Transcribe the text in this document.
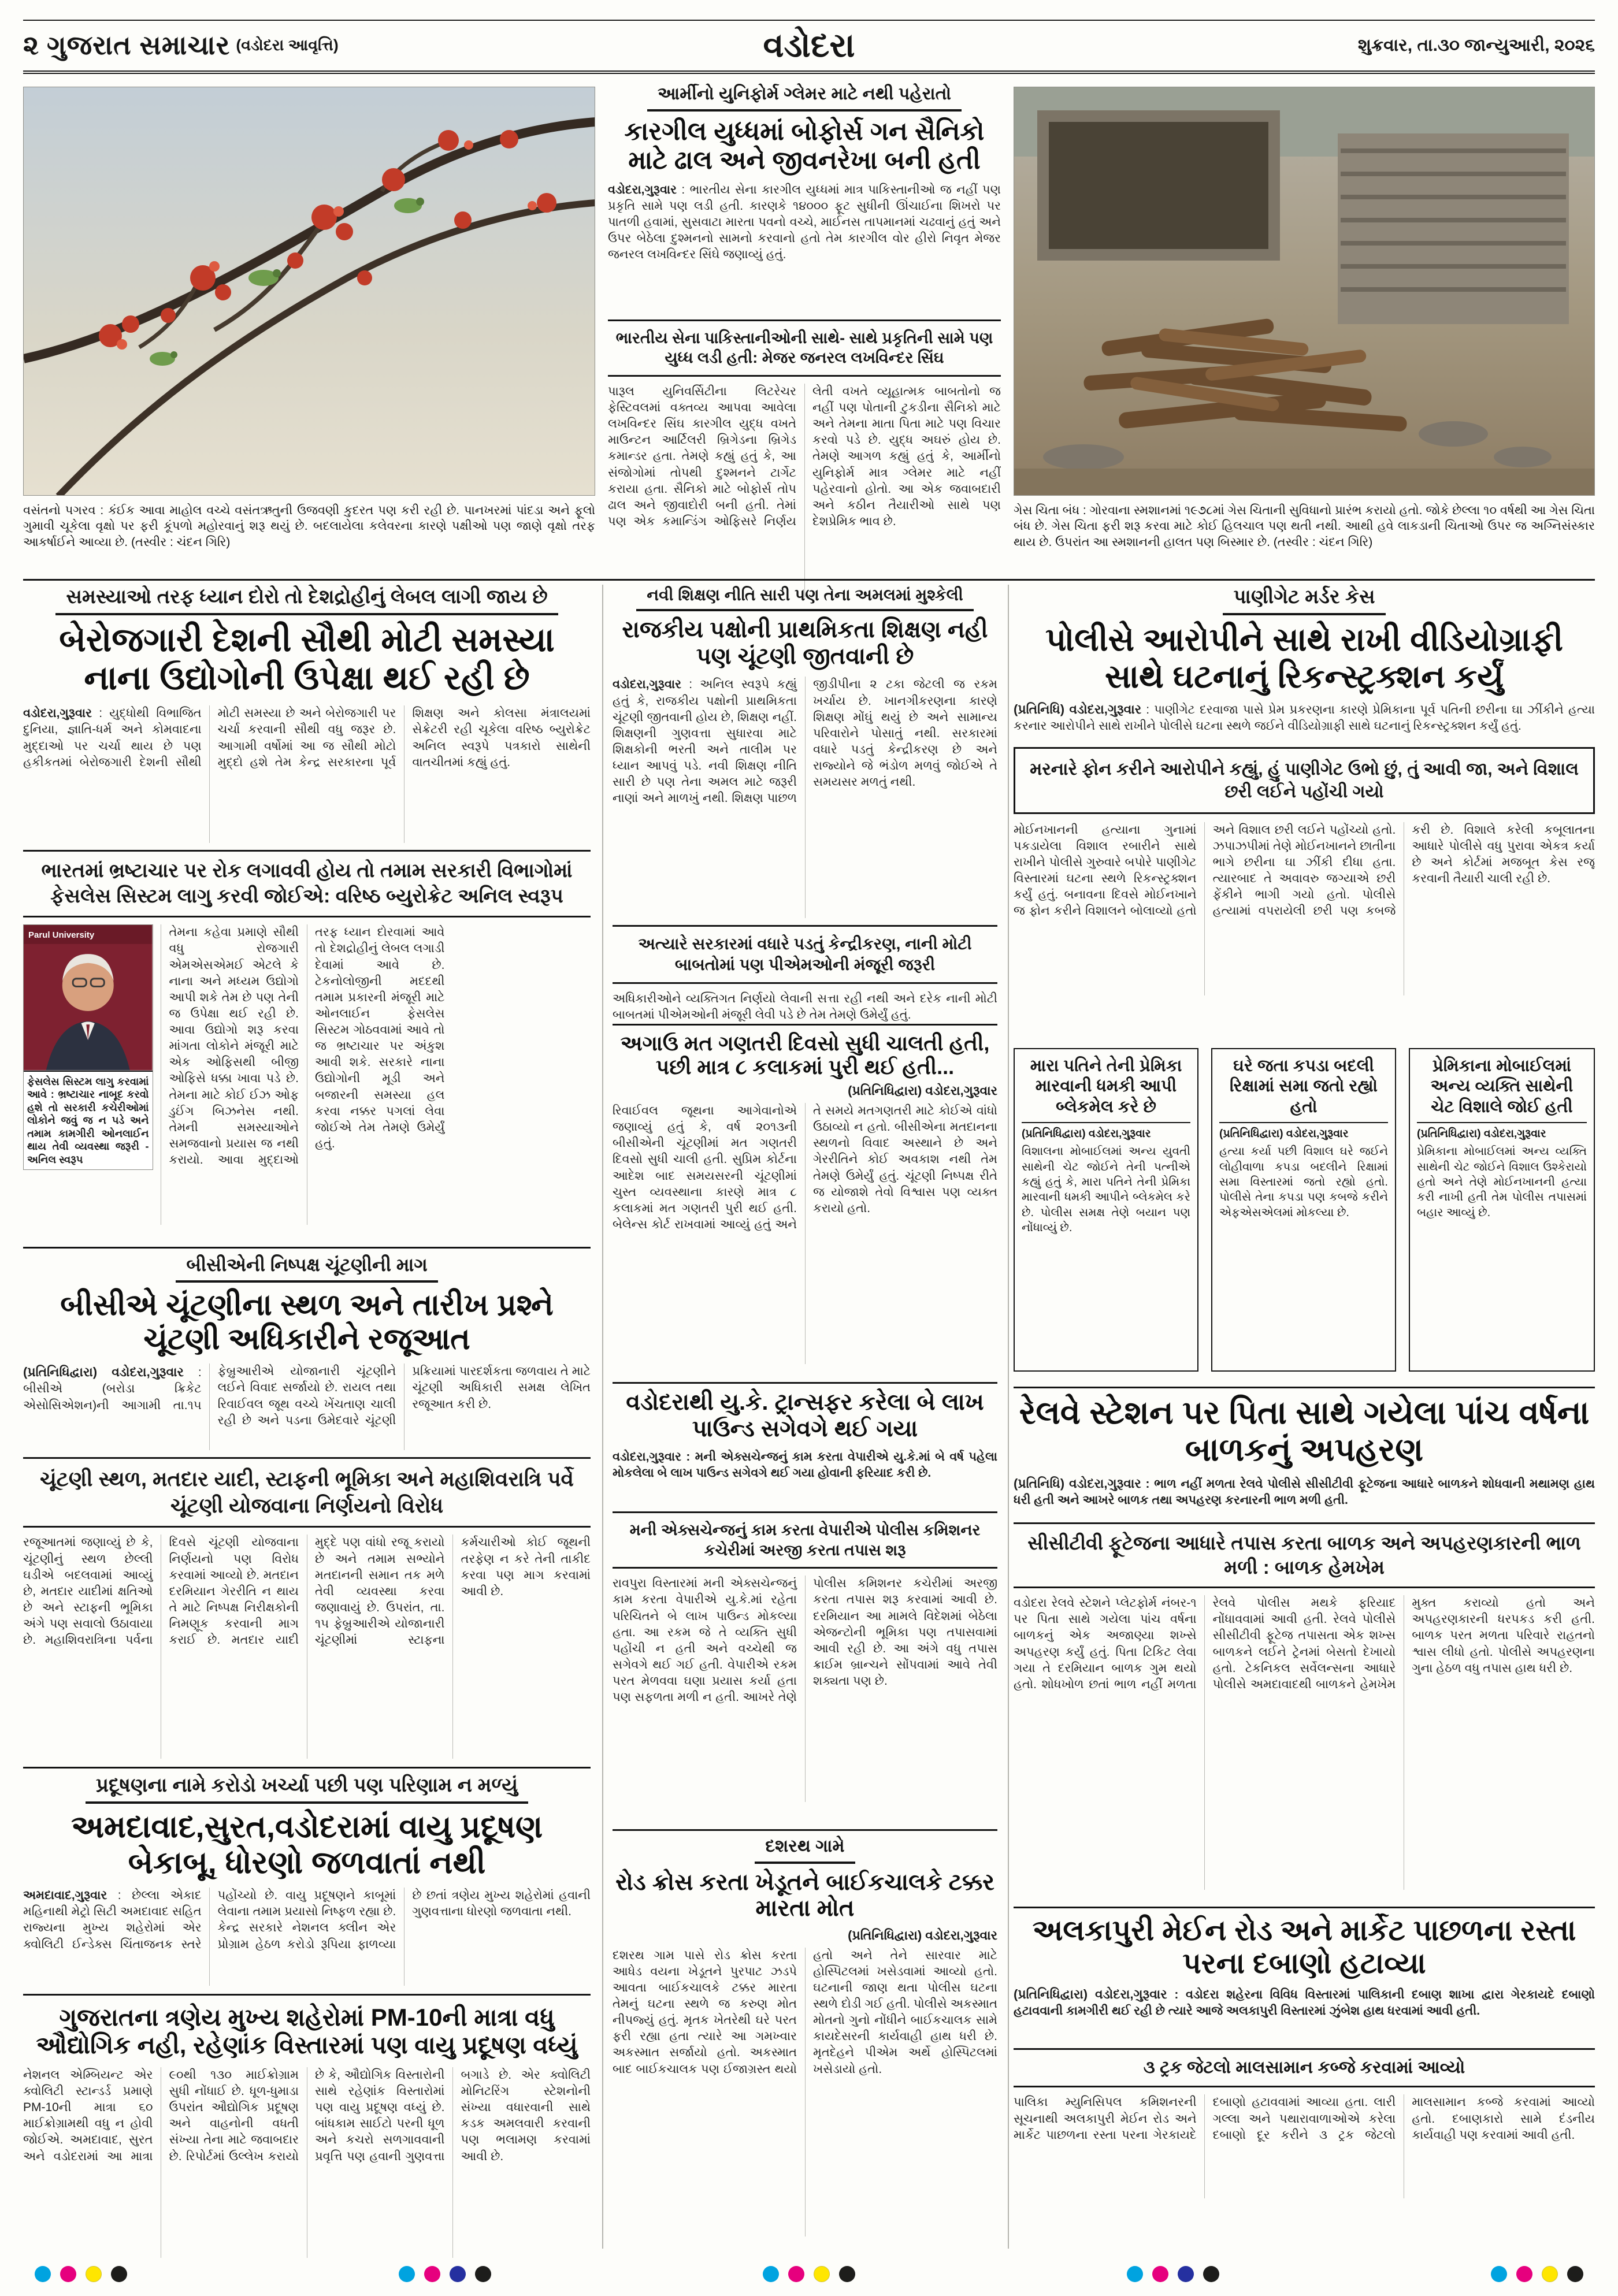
૨ ગુજરાત સમાચાર (વડોદરા આવૃત્તિ)	વડોદરા	શુક્રવાર, તા.૩૦ જાન્યુઆરી, ૨૦૨૬

વસંતનો પગરવ : કંઈક આવા માહોલ વચ્ચે વસંતઋતુની ઉજવણી કુદરત પણ કરી રહી છે. પાનખરમાં પાંદડા અને ફૂલો ગુમાવી ચૂકેલા વૃક્ષો પર ફરી કૂંપળો મહોરવાનું શરૂ થયું છે. બદલાયેલા કલેવરના કારણે પક્ષીઓ પણ જાણે વૃક્ષો તરફ આકર્ષાઈને આવ્યા છે. (તસ્વીર : ચંદન ગિરિ)

આર્મીનો યુનિફોર્મ ગ્લેમર માટે નથી પહેરાતો
કારગીલ યુધ્ધમાં બોફોર્સ ગન સૈનિકો માટે ઢાલ અને જીવનરેખા બની હતી

વડોદરા,ગુરૂવાર : ભારતીય સેના કારગીલ યુધ્ધમાં માત્ર પાકિસ્તાનીઓ જ નહીં પણ પ્રકૃતિ સામે પણ લડી હતી. કારણકે ૧૪૦૦૦ ફૂટ સુધીની ઊંચાઈના શિખરો પર પાતળી હવામાં, સુસવાટા મારતા પવનો વચ્ચે, માઈનસ તાપમાનમાં ચઢવાનું હતું અને ઉપર બેઠેલા દુશ્મનનો સામનો કરવાનો હતો તેમ કારગીલ વોર હીરો નિવૃત મેજર જનરલ લખવિન્દર સિંઘે જણાવ્યું હતું.

ભારતીય સેના પાકિસ્તાનીઓની સાથે- સાથે પ્રકૃતિની સામે પણ યુધ્ધ લડી હતી: મેજર જનરલ લખવિન્દર સિંઘ
પારૂલ યુનિવર્સિટીના લિટરેચર ફેસ્ટિવલમાં વક્તવ્ય આપવા આવેલા લખવિન્દર સિંઘ કારગીલ યુદ્ધ વખતે માઉન્ટન આર્ટિલરી બ્રિગેડના બ્રિગેડ કમાન્ડર હતા. તેમણે કહ્યું હતું કે, આ સંજોગોમાં તોપથી દુશ્મનને ટાર્ગેટ કરાયા હતા. સૈનિકો માટે બોફોર્સ તોપ ઢાલ અને જીવાદોરી બની હતી. તેમાં પણ એક કમાન્ડિંગ ઓફિસરે નિર્ણય લેતી વખતે વ્યૂહાત્મક બાબતોનો જ નહીં પણ પોતાની ટુકડીના સૈનિકો માટે અને તેમના માતા પિતા માટે પણ વિચાર કરવો પડે છે. યુદ્ધ અઘરું હોય છે. તેમણે આગળ કહ્યું હતું કે, આર્મીનો યુનિફોર્મ માત્ર ગ્લેમર માટે નહીં પહેરવાનો હોતો. આ એક જવાબદારી અને કઠીન તૈયારીઓ સાથે પણ દેશપ્રેમિક ભાવ છે.

ગેસ ચિતા બંધ : ગોરવાના સ્મશાનમાં ૧૯૭૮માં ગેસ ચિતાની સુવિધાનો પ્રારંભ કરાયો હતો. જોકે છેલ્લા ૧૦ વર્ષથી આ ગેસ ચિતા બંધ છે. ગેસ ચિતા ફરી શરૂ કરવા માટે કોઈ હિલચાલ પણ થતી નથી. આથી હવે લાકડાની ચિતાઓ ઉપર જ અગ્નિસંસ્કાર થાય છે. ઉપરાંત આ સ્મશાનની હાલત પણ બિસ્માર છે. (તસ્વીર : ચંદન ગિરિ)

સમસ્યાઓ તરફ ધ્યાન દોરો તો દેશદ્રોહીનું લેબલ લાગી જાય છે
બેરોજગારી દેશની સૌથી મોટી સમસ્યા નાના ઉદ્યોગોની ઉપેક્ષા થઈ રહી છે

વડોદરા,ગુરૂવાર : યુદ્ધોથી વિભાજિત દુનિયા, જ્ઞાતિ-ધર્મ અને કોમવાદના મુદ્દાઓ પર ચર્ચા થાય છે પણ હકીકતમાં બેરોજગારી દેશની સૌથી મોટી સમસ્યા છે અને બેરોજગારી પર ચર્ચા કરવાની સૌથી વધુ જરૂર છે. આગામી વર્ષોમાં આ જ સૌથી મોટો મુદ્દો હશે તેમ કેન્દ્ર સરકારના પૂર્વ શિક્ષણ અને કોલસા મંત્રાલયમાં સેક્રેટરી રહી ચૂકેલા વરિષ્ઠ બ્યુરોક્રેટ અનિલ સ્વરૂપે પત્રકારો સાથેની વાતચીતમાં કહ્યું હતું.

ભારતમાં ભ્રષ્ટાચાર પર રોક લગાવવી હોય તો તમામ સરકારી વિભાગોમાં ફેસલેસ સિસ્ટમ લાગુ કરવી જોઈએ: વરિષ્ઠ બ્યુરોક્રેટ અનિલ સ્વરૂપ
Parul University
ફેસલેસ સિસ્ટમ લાગુ કરવામાં આવે : ભ્રષ્ટાચાર નાબૂદ કરવો હશે તો સરકારી કચેરીઓમાં લોકોને જવું જ ન પડે અને તમામ કામગીરી ઓનલાઈન થાય તેવી વ્યવસ્થા જરૂરી - અનિલ સ્વરૂપ
તેમના કહેવા પ્રમાણે સૌથી વધુ રોજગારી એમએસએમઈ એટલે કે નાના અને મધ્યમ ઉદ્યોગો આપી શકે તેમ છે પણ તેની જ ઉપેક્ષા થઈ રહી છે. આવા ઉદ્યોગો શરૂ કરવા માંગતા લોકોને મંજૂરી માટે એક ઓફિસથી બીજી ઓફિસે ધક્કા ખાવા પડે છે. તેમના માટે કોઈ ઈઝ ઓફ ડુઈંગ બિઝનેસ નથી. તેમની સમસ્યાઓને સમજવાનો પ્રયાસ જ નથી કરાયો. આવા મુદ્દાઓ તરફ ધ્યાન દોરવામાં આવે તો દેશદ્રોહીનું લેબલ લગાડી દેવામાં આવે છે. ટેકનોલોજીની મદદથી તમામ પ્રકારની મંજૂરી માટે ઓનલાઈન ફેસલેસ સિસ્ટમ ગોઠવવામાં આવે તો જ ભ્રષ્ટાચાર પર અંકુશ આવી શકે. સરકારે નાના ઉદ્યોગોની મૂડી અને બજારની સમસ્યા હલ કરવા નક્કર પગલાં લેવા જોઈએ તેમ તેમણે ઉમેર્યું હતું.
બીસીએની નિષ્પક્ષ ચૂંટણીની માગ
બીસીએ ચૂંટણીના સ્થળ અને તારીખ પ્રશ્ને ચૂંટણી અધિકારીને રજૂઆત

(પ્રતિનિધિદ્વારા) વડોદરા,ગુરૂવાર : બીસીએ (બરોડા ક્રિકેટ એસોસિએશન)ની આગામી તા.૧૫ ફેબ્રુઆરીએ યોજાનારી ચૂંટણીને લઈને વિવાદ સર્જાયો છે. રાયલ તથા રિવાઈવલ જૂથ વચ્ચે ખેંચતાણ ચાલી રહી છે અને પડના ઉમેદવારે ચૂંટણી પ્રક્રિયામાં પારદર્શકતા જળવાય તે માટે ચૂંટણી અધિકારી સમક્ષ લેખિત રજૂઆત કરી છે.

ચૂંટણી સ્થળ, મતદાર યાદી, સ્ટાફની ભૂમિકા અને મહાશિવરાત્રિ પર્વે ચૂંટણી યોજવાના નિર્ણયનો વિરોધ
રજૂઆતમાં જણાવ્યું છે કે, ચૂંટણીનું સ્થળ છેલ્લી ઘડીએ બદલવામાં આવ્યું છે, મતદાર યાદીમાં ક્ષતિઓ છે અને સ્ટાફની ભૂમિકા અંગે પણ સવાલો ઉઠાવાયા છે. મહાશિવરાત્રિના પર્વના દિવસે ચૂંટણી યોજવાના નિર્ણયનો પણ વિરોધ કરવામાં આવ્યો છે. મતદાન દરમિયાન ગેરરીતિ ન થાય તે માટે નિષ્પક્ષ નિરીક્ષકોની નિમણૂક કરવાની માગ કરાઈ છે. મતદાર યાદી મુદ્દે પણ વાંધો રજૂ કરાયો છે અને તમામ સભ્યોને મતદાનની સમાન તક મળે તેવી વ્યવસ્થા કરવા જણાવાયું છે. ઉપરાંત, તા. ૧૫ ફેબ્રુઆરીએ યોજાનારી ચૂંટણીમાં સ્ટાફના કર્મચારીઓ કોઈ જૂથની તરફેણ ન કરે તેની તાકીદ કરવા પણ માગ કરવામાં આવી છે.
પ્રદૂષણના નામે કરોડો ખર્ચ્યા પછી પણ પરિણામ ન મળ્યું
અમદાવાદ,સુરત,વડોદરામાં વાયુ પ્રદૂષણ બેકાબૂ, ધોરણો જળવાતાં નથી

અમદાવાદ,ગુરૂવાર : છેલ્લા એકાદ મહિનાથી મેટ્રો સિટી અમદાવાદ સહિત રાજ્યના મુખ્ય શહેરોમાં એર ક્વોલિટી ઈન્ડેક્સ ચિંતાજનક સ્તરે પહોંચ્યો છે. વાયુ પ્રદૂષણને કાબૂમાં લેવાના તમામ પ્રયાસો નિષ્ફળ રહ્યા છે. કેન્દ્ર સરકારે નેશનલ ક્લીન એર પ્રોગ્રામ હેઠળ કરોડો રૂપિયા ફાળવ્યા છે છતાં ત્રણેય મુખ્ય શહેરોમાં હવાની ગુણવત્તાના ધોરણો જળવાતા નથી.

ગુજરાતના ત્રણેય મુખ્ય શહેરોમાં PM-10ની માત્રા વધુ ઔદ્યોગિક નહી, રહેણાંક વિસ્તારમાં પણ વાયુ પ્રદૂષણ વધ્યું
નેશનલ એમ્બિયન્ટ એર ક્વોલિટી સ્ટાન્ડર્ડ પ્રમાણે PM-10ની માત્રા ૬૦ માઈક્રોગ્રામથી વધુ ન હોવી જોઈએ. અમદાવાદ, સુરત અને વડોદરામાં આ માત્રા ૯૦થી ૧૩૦ માઈક્રોગ્રામ સુધી નોંધાઈ છે. ધૂળ-ધુમાડા ઉપરાંત ઔદ્યોગિક પ્રદૂષણ અને વાહનોની વધતી સંખ્યા તેના માટે જવાબદાર છે. રિપોર્ટમાં ઉલ્લેખ કરાયો છે કે, ઔદ્યોગિક વિસ્તારોની સાથે રહેણાંક વિસ્તારોમાં પણ વાયુ પ્રદૂષણ વધ્યું છે. બાંધકામ સાઈટો પરની ધૂળ અને કચરો સળગાવવાની પ્રવૃત્તિ પણ હવાની ગુણવત્તા બગાડે છે. એર ક્વોલિટી મોનિટરિંગ સ્ટેશનોની સંખ્યા વધારવાની સાથે કડક અમલવારી કરવાની પણ ભલામણ કરવામાં આવી છે.
નવી શિક્ષણ નીતિ સારી પણ તેના અમલમાં મુશ્કેલી
રાજકીય પક્ષોની પ્રાથમિકતા શિક્ષણ નહી પણ ચૂંટણી જીતવાની છે
વડોદરા,ગુરૂવાર : અનિલ સ્વરૂપે કહ્યું હતું કે, રાજકીય પક્ષોની પ્રાથમિકતા ચૂંટણી જીતવાની હોય છે, શિક્ષણ નહીં. શિક્ષણની ગુણવત્તા સુધારવા માટે શિક્ષકોની ભરતી અને તાલીમ પર ધ્યાન આપવું પડે. નવી શિક્ષણ નીતિ સારી છે પણ તેના અમલ માટે જરૂરી નાણાં અને માળખું નથી. શિક્ષણ પાછળ જીડીપીના ૨ ટકા જેટલી જ રકમ ખર્ચાય છે. ખાનગીકરણના કારણે શિક્ષણ મોંઘું થયું છે અને સામાન્ય પરિવારોને પોસાતું નથી. સરકારમાં વધારે પડતું કેન્દ્રીકરણ છે અને રાજ્યોને જે ભંડોળ મળવું જોઈએ તે સમયસર મળતું નથી.
અત્યારે સરકારમાં વધારે પડતું કેન્દ્રીકરણ, નાની મોટી બાબતોમાં પણ પીએમઓની મંજૂરી જરૂરી

અધિકારીઓને વ્યક્તિગત નિર્ણયો લેવાની સત્તા રહી નથી અને દરેક નાની મોટી બાબતમાં પીએમઓની મંજૂરી લેવી પડે છે તેમ તેમણે ઉમેર્યું હતું.

અગાઉ મત ગણતરી દિવસો સુધી ચાલતી હતી, પછી માત્ર ૮ કલાકમાં પુરી થઈ હતી...

(પ્રતિનિધિદ્વારા) વડોદરા,ગુરૂવાર

રિવાઈવલ જૂથના આગેવાનોએ જણાવ્યું હતું કે, વર્ષ ૨૦૧૩ની બીસીએની ચૂંટણીમાં મત ગણતરી દિવસો સુધી ચાલી હતી. સુપ્રિમ કોર્ટના આદેશ બાદ સમયસરની ચૂંટણીમાં ચુસ્ત વ્યવસ્થાના કારણે માત્ર ૮ કલાકમાં મત ગણતરી પુરી થઈ હતી. બેલેન્સ કોર્ટ રાખવામાં આવ્યું હતું અને તે સમયે મતગણતરી માટે કોઈએ વાંધો ઉઠાવ્યો ન હતો. બીસીએના મતદાનના સ્થળનો વિવાદ અસ્થાને છે અને ગેરરીતિને કોઈ અવકાશ નથી તેમ તેમણે ઉમેર્યું હતું. ચૂંટણી નિષ્પક્ષ રીતે જ યોજાશે તેવો વિશ્વાસ પણ વ્યક્ત કરાયો હતો.
વડોદરાથી યુ.કે. ટ્રાન્સફર કરેલા બે લાખ પાઉન્ડ સગેવગે થઈ ગયા

વડોદરા,ગુરૂવાર : મની એક્સચેન્જનું કામ કરતા વેપારીએ યુ.કે.માં બે વર્ષ પહેલા મોકલેલા બે લાખ પાઉન્ડ સગેવગે થઈ ગયા હોવાની ફરિયાદ કરી છે.

મની એક્સચેન્જનું કામ કરતા વેપારીએ પોલીસ કમિશનર કચેરીમાં અરજી કરતા તપાસ શરૂ
રાવપુરા વિસ્તારમાં મની એક્સચેન્જનું કામ કરતા વેપારીએ યુ.કે.માં રહેતા પરિચિતને બે લાખ પાઉન્ડ મોકલ્યા હતા. આ રકમ જે તે વ્યક્તિ સુધી પહોંચી ન હતી અને વચ્ચેથી જ સગેવગે થઈ ગઈ હતી. વેપારીએ રકમ પરત મેળવવા ઘણા પ્રયાસ કર્યા હતા પણ સફળતા મળી ન હતી. આખરે તેણે પોલીસ કમિશનર કચેરીમાં અરજી કરતા તપાસ શરૂ કરવામાં આવી છે. દરમિયાન આ મામલે વિદેશમાં બેઠેલા એજન્ટોની ભૂમિકા પણ તપાસવામાં આવી રહી છે. આ અંગે વધુ તપાસ ક્રાઈમ બ્રાન્ચને સોંપવામાં આવે તેવી શક્યતા પણ છે.
દશરથ ગામે
રોડ ક્રોસ કરતા ખેડૂતને બાઈકચાલકે ટક્કર મારતા મોત

(પ્રતિનિધિદ્વારા) વડોદરા,ગુરૂવાર

દશરથ ગામ પાસે રોડ ક્રોસ કરતા આધેડ વયના ખેડૂતને પુરપાટ ઝડપે આવતા બાઈકચાલકે ટક્કર મારતા તેમનું ઘટના સ્થળે જ કરુણ મોત નીપજ્યું હતું. મૃતક ખેતરેથી ઘરે પરત ફરી રહ્યા હતા ત્યારે આ ગમખ્વાર અકસ્માત સર્જાયો હતો. અકસ્માત બાદ બાઈકચાલક પણ ઈજાગ્રસ્ત થયો હતો અને તેને સારવાર માટે હોસ્પિટલમાં ખસેડવામાં આવ્યો હતો. ઘટનાની જાણ થતા પોલીસ ઘટના સ્થળે દોડી ગઈ હતી. પોલીસે અકસ્માત મોતનો ગુનો નોંધીને બાઈકચાલક સામે કાયદેસરની કાર્યવાહી હાથ ધરી છે. મૃતદેહને પીએમ અર્થે હોસ્પિટલમાં ખસેડાયો હતો.
પાણીગેટ મર્ડર કેસ
પોલીસે આરોપીને સાથે રાખી વીડિયોગ્રાફી સાથે ઘટનાનું રિકન્સ્ટ્રક્શન કર્યું

(પ્રતિનિધિ) વડોદરા,ગુરૂવાર : પાણીગેટ દરવાજા પાસે પ્રેમ પ્રકરણના કારણે પ્રેમિકાના પૂર્વ પતિની છરીના ઘા ઝીંકીને હત્યા કરનાર આરોપીને સાથે રાખીને પોલીસે ઘટના સ્થળે જઈને વીડિયોગ્રાફી સાથે ઘટનાનું રિકન્સ્ટ્રક્શન કર્યું હતું.

મરનારે ફોન કરીને આરોપીને કહ્યું, હું પાણીગેટ ઉભો છું, તું આવી જા, અને વિશાલ છરી લઈને પહોંચી ગયો
મોઈનખાનની હત્યાના ગુનામાં પકડાયેલા વિશાલ રબારીને સાથે રાખીને પોલીસે ગુરુવારે બપોરે પાણીગેટ વિસ્તારમાં ઘટના સ્થળે રિકન્સ્ટ્રક્શન કર્યું હતું. બનાવના દિવસે મોઈનખાને જ ફોન કરીને વિશાલને બોલાવ્યો હતો અને વિશાલ છરી લઈને પહોંચ્યો હતો. ઝપાઝપીમાં તેણે મોઈનખાનને છાતીના ભાગે છરીના ઘા ઝીંકી દીધા હતા. ત્યારબાદ તે અવાવરુ જગ્યાએ છરી ફેંકીને ભાગી ગયો હતો. પોલીસે હત્યામાં વપરાયેલી છરી પણ કબજે કરી છે. વિશાલે કરેલી કબૂલાતના આધારે પોલીસે વધુ પુરાવા એકત્ર કર્યા છે અને કોર્ટમાં મજબૂત કેસ રજૂ કરવાની તૈયારી ચાલી રહી છે.
મારા પતિને તેની પ્રેમિકા મારવાની ધમકી આપી બ્લેકમેલ કરે છે

(પ્રતિનિધિદ્વારા) વડોદરા,ગુરૂવાર

વિશાલના મોબાઈલમાં અન્ય યુવતી સાથેની ચેટ જોઈને તેની પત્નીએ કહ્યું હતું કે, મારા પતિને તેની પ્રેમિકા મારવાની ધમકી આપીને બ્લેકમેલ કરે છે. પોલીસ સમક્ષ તેણે બયાન પણ નોંધાવ્યું છે.

ઘરે જતા કપડા બદલી રિક્ષામાં સમા જતો રહ્યો હતો

(પ્રતિનિધિદ્વારા) વડોદરા,ગુરૂવાર

હત્યા કર્યા પછી વિશાલ ઘરે જઈને લોહીવાળા કપડા બદલીને રિક્ષામાં સમા વિસ્તારમાં જતો રહ્યો હતો. પોલીસે તેના કપડા પણ કબજે કરીને એફએસએલમાં મોકલ્યા છે.

પ્રેમિકાના મોબાઈલમાં અન્ય વ્યક્તિ સાથેની ચેટ વિશાલે જોઈ હતી

(પ્રતિનિધિદ્વારા) વડોદરા,ગુરૂવાર

પ્રેમિકાના મોબાઈલમાં અન્ય વ્યક્તિ સાથેની ચેટ જોઈને વિશાલ ઉશ્કેરાયો હતો અને તેણે મોઈનખાનની હત્યા કરી નાખી હતી તેમ પોલીસ તપાસમાં બહાર આવ્યું છે.

રેલવે સ્ટેશન પર પિતા સાથે ગયેલા પાંચ વર્ષના બાળકનું અપહરણ

(પ્રતિનિધિ) વડોદરા,ગુરૂવાર : ભાળ નહીં મળતા રેલવે પોલીસે સીસીટીવી ફૂટેજના આધારે બાળકને શોધવાની મથામણ હાથ ધરી હતી અને આખરે બાળક તથા અપહરણ કરનારની ભાળ મળી હતી.

સીસીટીવી ફૂટેજના આધારે તપાસ કરતા બાળક અને અપહરણકારની ભાળ મળી : બાળક હેમખેમ
વડોદરા રેલવે સ્ટેશને પ્લેટફોર્મ નંબર-૧ પર પિતા સાથે ગયેલા પાંચ વર્ષના બાળકનું એક અજાણ્યા શખ્સે અપહરણ કર્યું હતું. પિતા ટિકિટ લેવા ગયા તે દરમિયાન બાળક ગુમ થયો હતો. શોધખોળ છતાં ભાળ નહીં મળતા રેલવે પોલીસ મથકે ફરિયાદ નોંધાવવામાં આવી હતી. રેલવે પોલીસે સીસીટીવી ફૂટેજ તપાસતા એક શખ્સ બાળકને લઈને ટ્રેનમાં બેસતો દેખાયો હતો. ટેકનિકલ સર્વેલન્સના આધારે પોલીસે અમદાવાદથી બાળકને હેમખેમ મુક્ત કરાવ્યો હતો અને અપહરણકારની ધરપકડ કરી હતી. બાળક પરત મળતા પરિવારે રાહતનો શ્વાસ લીધો હતો. પોલીસે અપહરણના ગુના હેઠળ વધુ તપાસ હાથ ધરી છે.
અલકાપુરી મેઈન રોડ અને માર્કેટ પાછળના રસ્તા પરના દબાણો હટાવ્યા

(પ્રતિનિધિદ્વારા) વડોદરા,ગુરૂવાર : વડોદરા શહેરના વિવિધ વિસ્તારમાં પાલિકાની દબાણ શાખા દ્વારા ગેરકાયદે દબાણો હટાવવાની કામગીરી થઈ રહી છે ત્યારે આજે અલકાપુરી વિસ્તારમાં ઝુંબેશ હાથ ધરવામાં આવી હતી.

૩ ટ્રક જેટલો માલસામાન કબ્જે કરવામાં આવ્યો
પાલિકા મ્યુનિસિપલ કમિશનરની સૂચનાથી અલકાપુરી મેઈન રોડ અને માર્કેટ પાછળના રસ્તા પરના ગેરકાયદે દબાણો હટાવવામાં આવ્યા હતા. લારી ગલ્લા અને પથારાવાળાઓએ કરેલા દબાણો દૂર કરીને ૩ ટ્રક જેટલો માલસામાન કબ્જે કરવામાં આવ્યો હતો. દબાણકારો સામે દંડનીય કાર્યવાહી પણ કરવામાં આવી હતી.
